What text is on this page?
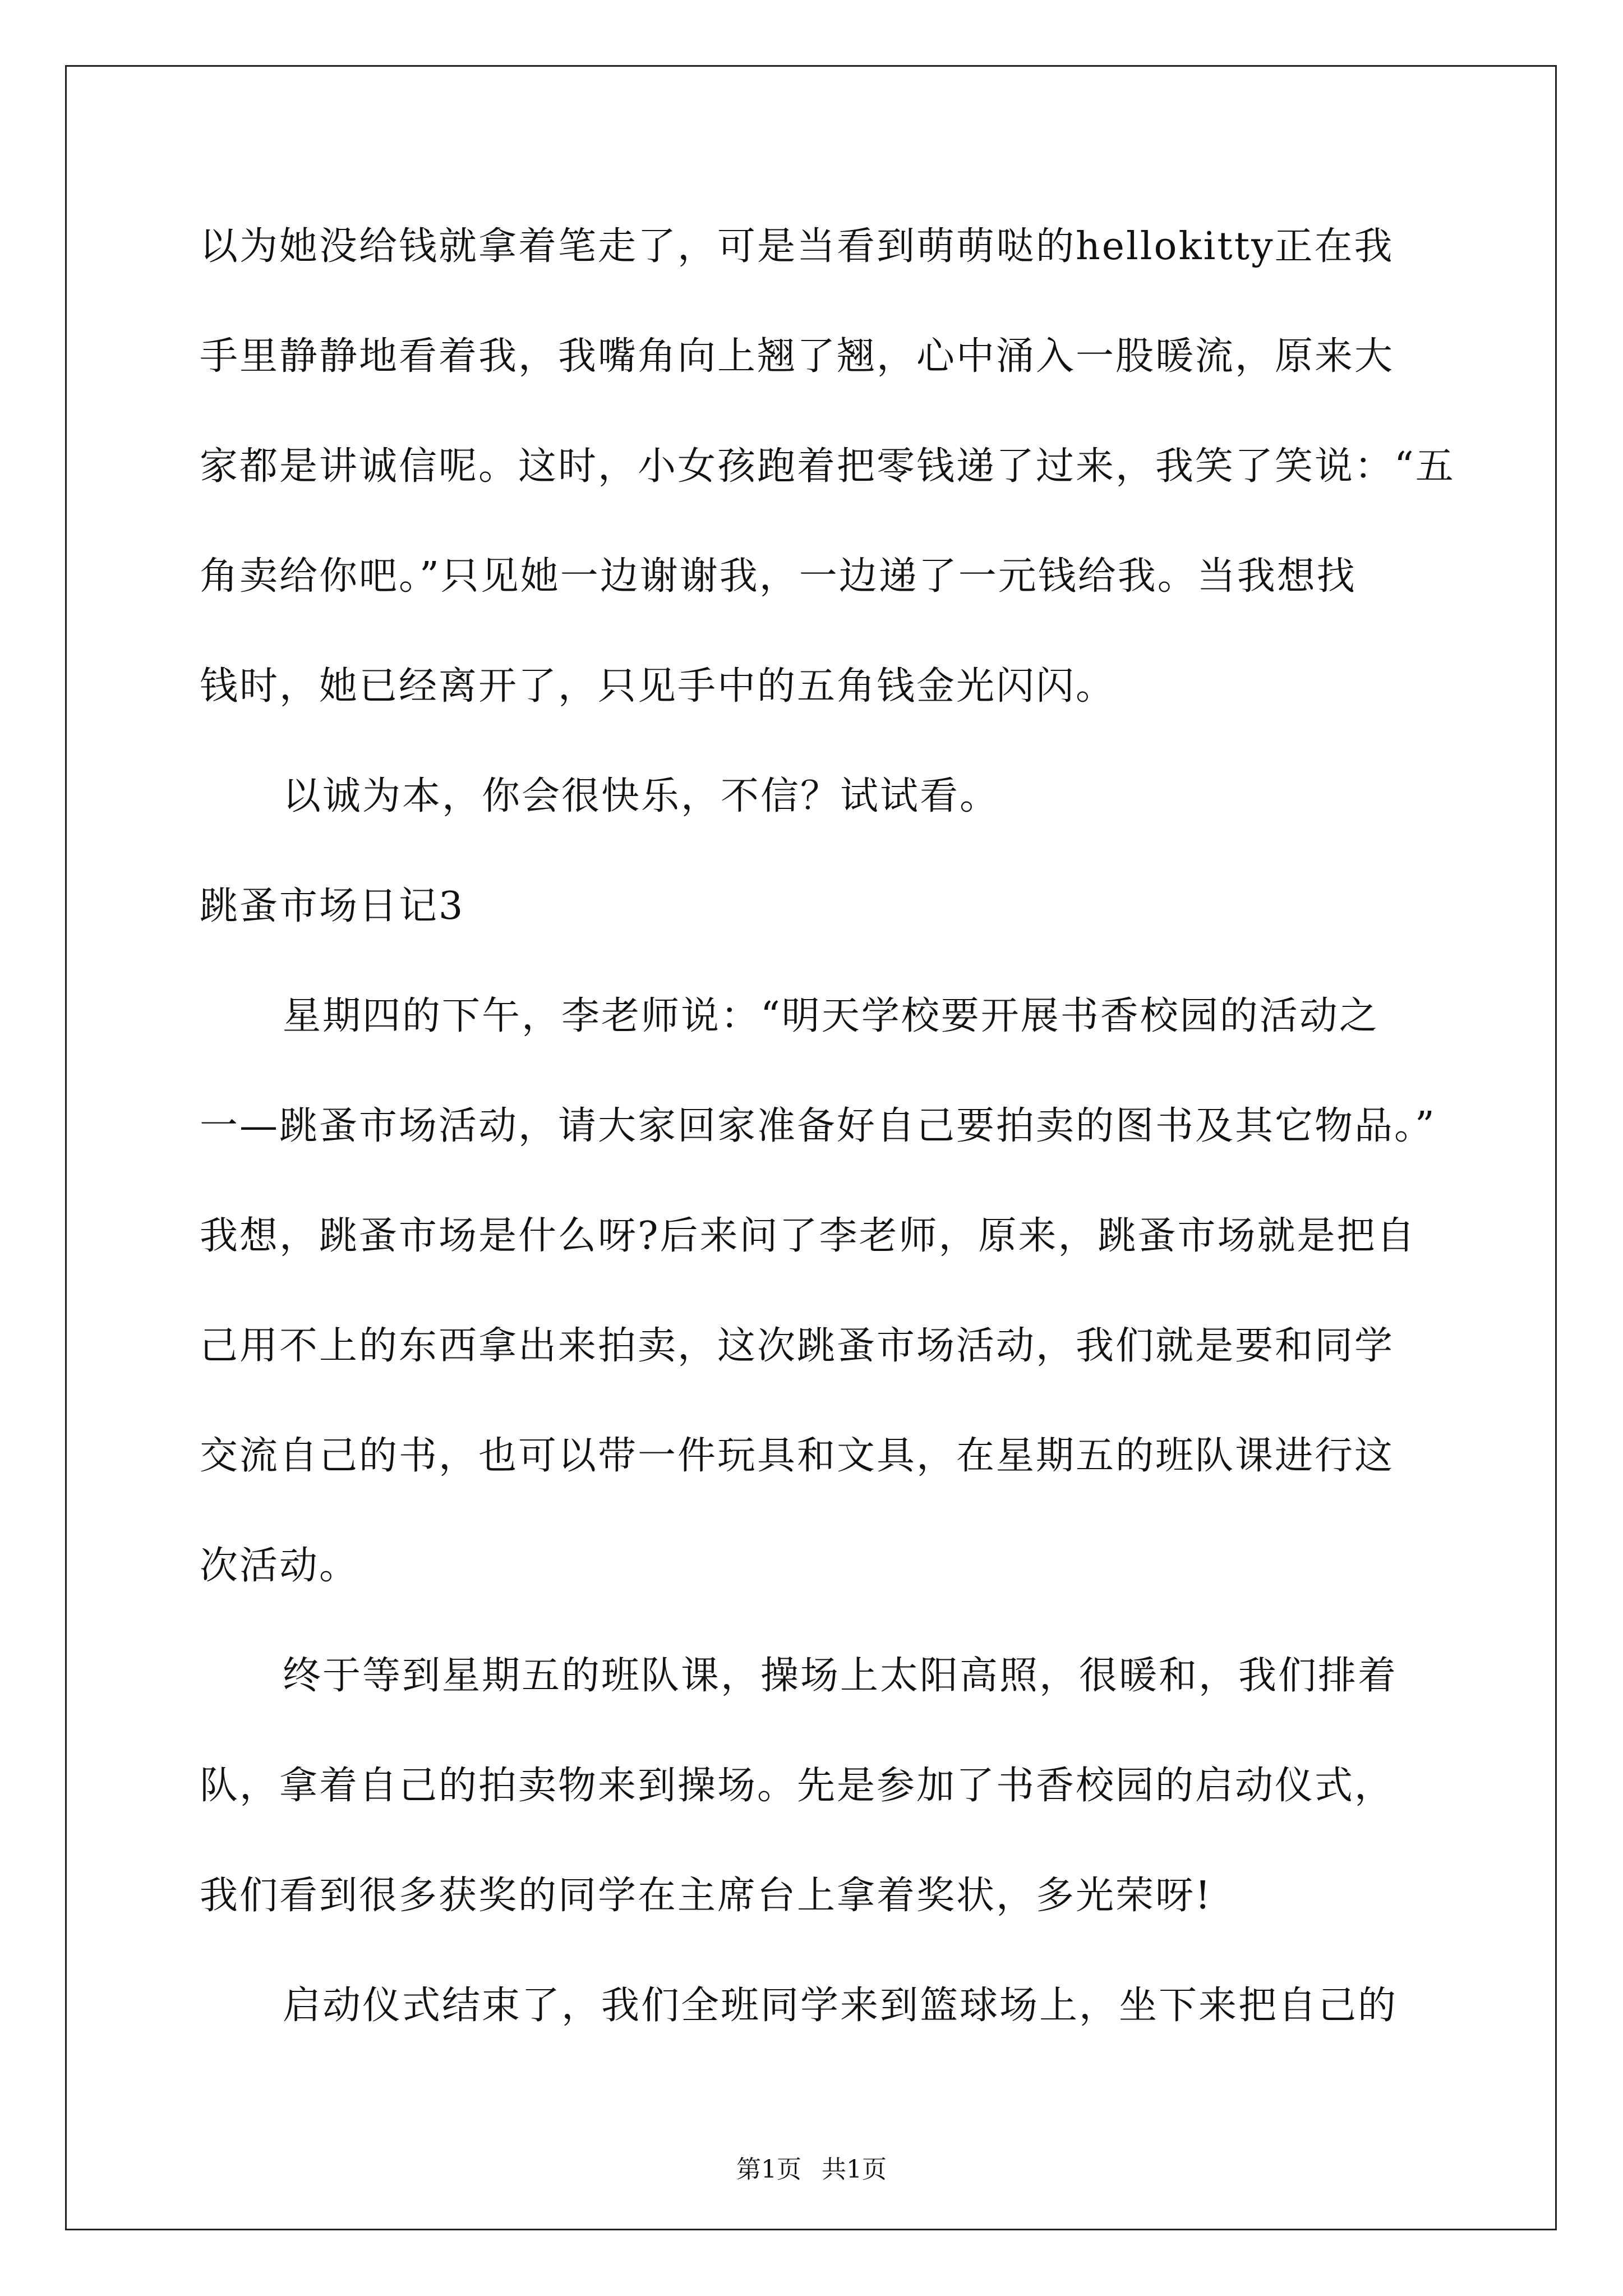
以为她没给钱就拿着笔走了，可是当看到萌萌哒的hellokitty正在我
手里静静地看着我，我嘴角向上翘了翘，心中涌入一股暖流，原来大
家都是讲诚信呢。这时，小女孩跑着把零钱递了过来，我笑了笑说：“五
角卖给你吧。”只见她一边谢谢我，一边递了一元钱给我。当我想找
钱时，她已经离开了，只见手中的五角钱金光闪闪。
以诚为本，你会很快乐，不信？试试看。
跳蚤市场日记3
星期四的下午，李老师说：“明天学校要开展书香校园的活动之
一—跳蚤市场活动，请大家回家准备好自己要拍卖的图书及其它物品。”
我想，跳蚤市场是什么呀?后来问了李老师，原来，跳蚤市场就是把自
己用不上的东西拿出来拍卖，这次跳蚤市场活动，我们就是要和同学
交流自己的书，也可以带一件玩具和文具，在星期五的班队课进行这
次活动。
终于等到星期五的班队课，操场上太阳高照，很暖和，我们排着
队，拿着自己的拍卖物来到操场。先是参加了书香校园的启动仪式，
我们看到很多获奖的同学在主席台上拿着奖状，多光荣呀!
启动仪式结束了，我们全班同学来到篮球场上，坐下来把自己的
第1页 共1页
